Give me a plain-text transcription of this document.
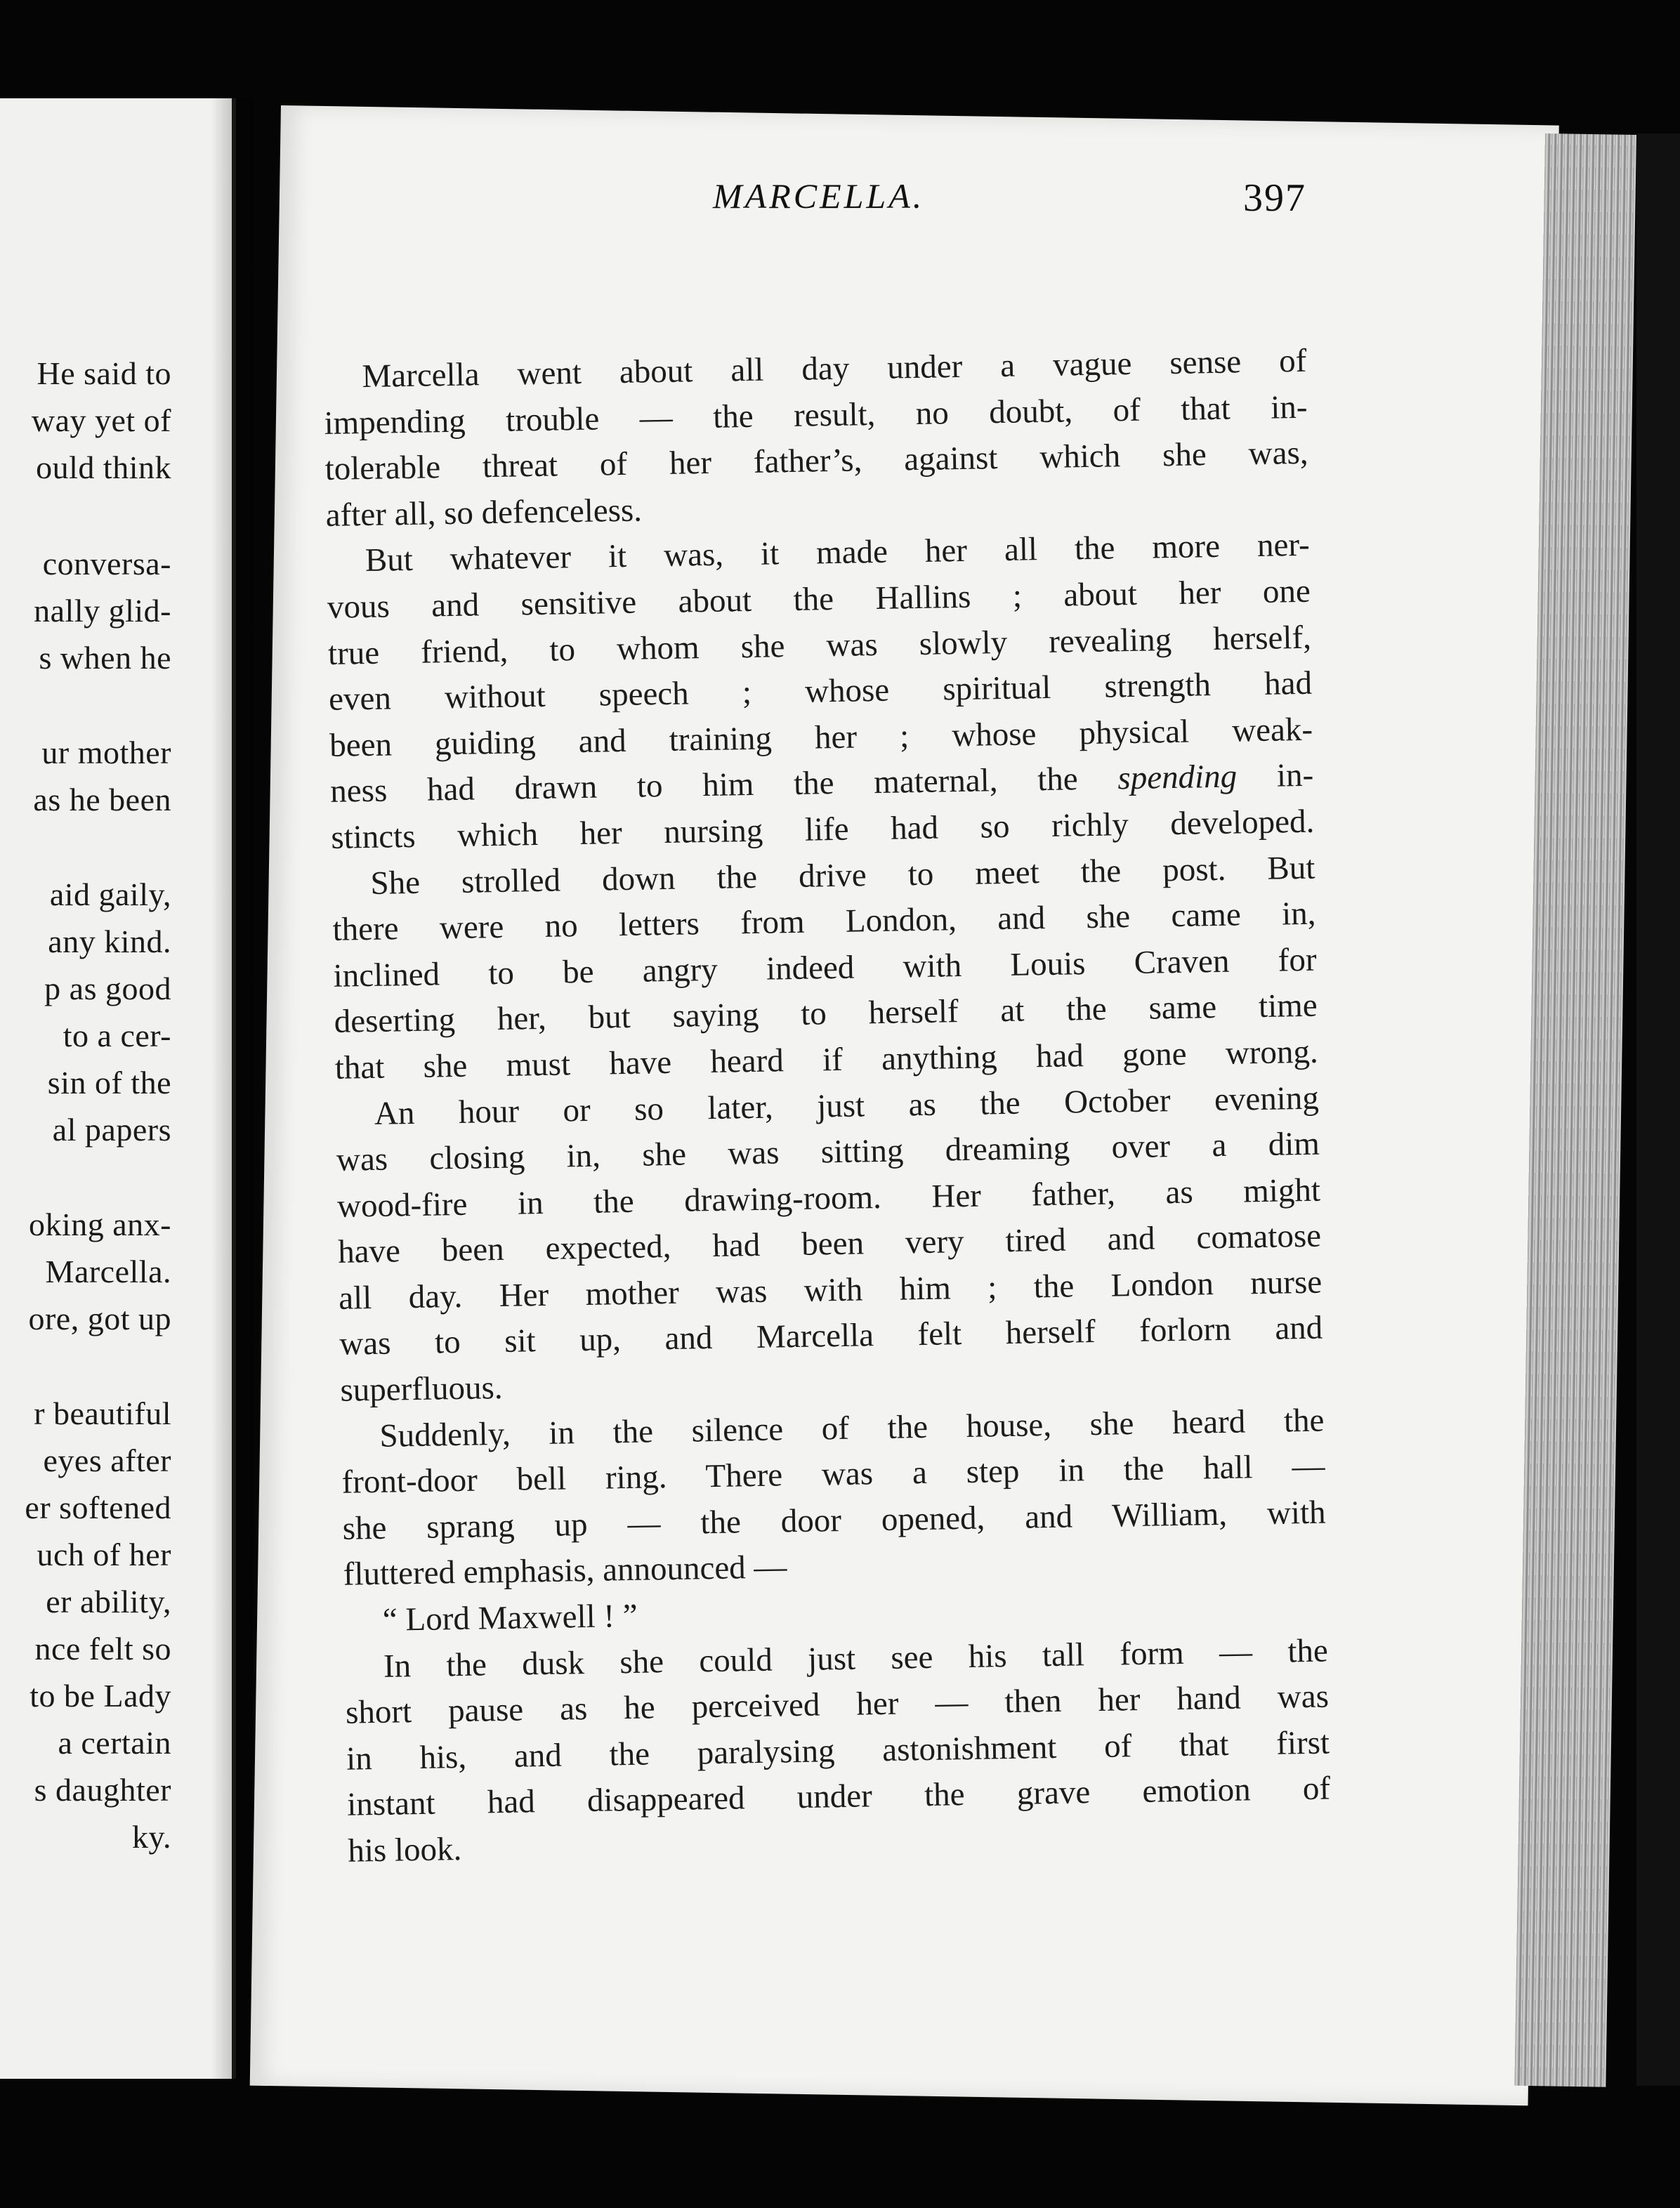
He said to
way yet of
ould think
conversa-
nally glid-
s when he
ur mother
as he been
aid gaily,
any kind.
p as good
to a cer-
sin of the
al papers
oking anx-
Marcella.
ore, got up
r beautiful
eyes after
er softened
uch of her
er ability,
nce felt so
to be Lady
a certain
s daughter
ky.
MARCELLA.	397
Marcella went about all day under a vague sense of
impending trouble — the result, no doubt, of that in-
tolerable threat of her father’s, against which she was,
after all, so defenceless.
But whatever it was, it made her all the more ner-
vous and sensitive about the Hallins ; about her one
true friend, to whom she was slowly revealing herself,
even without speech ; whose spiritual strength had
been guiding and training her ; whose physical weak-
ness had drawn to him the maternal, the spending in-
stincts which her nursing life had so richly developed.
She strolled down the drive to meet the post. But
there were no letters from London, and she came in,
inclined to be angry indeed with Louis Craven for
deserting her, but saying to herself at the same time
that she must have heard if anything had gone wrong.
An hour or so later, just as the October evening
was closing in, she was sitting dreaming over a dim
wood-fire in the drawing-room. Her father, as might
have been expected, had been very tired and comatose
all day. Her mother was with him ; the London nurse
was to sit up, and Marcella felt herself forlorn and
superfluous.
Suddenly, in the silence of the house, she heard the
front-door bell ring. There was a step in the hall —
she sprang up — the door opened, and William, with
fluttered emphasis, announced —
“ Lord Maxwell ! ”
In the dusk she could just see his tall form — the
short pause as he perceived her — then her hand was
in his, and the paralysing astonishment of that first
instant had disappeared under the grave emotion of
his look.
